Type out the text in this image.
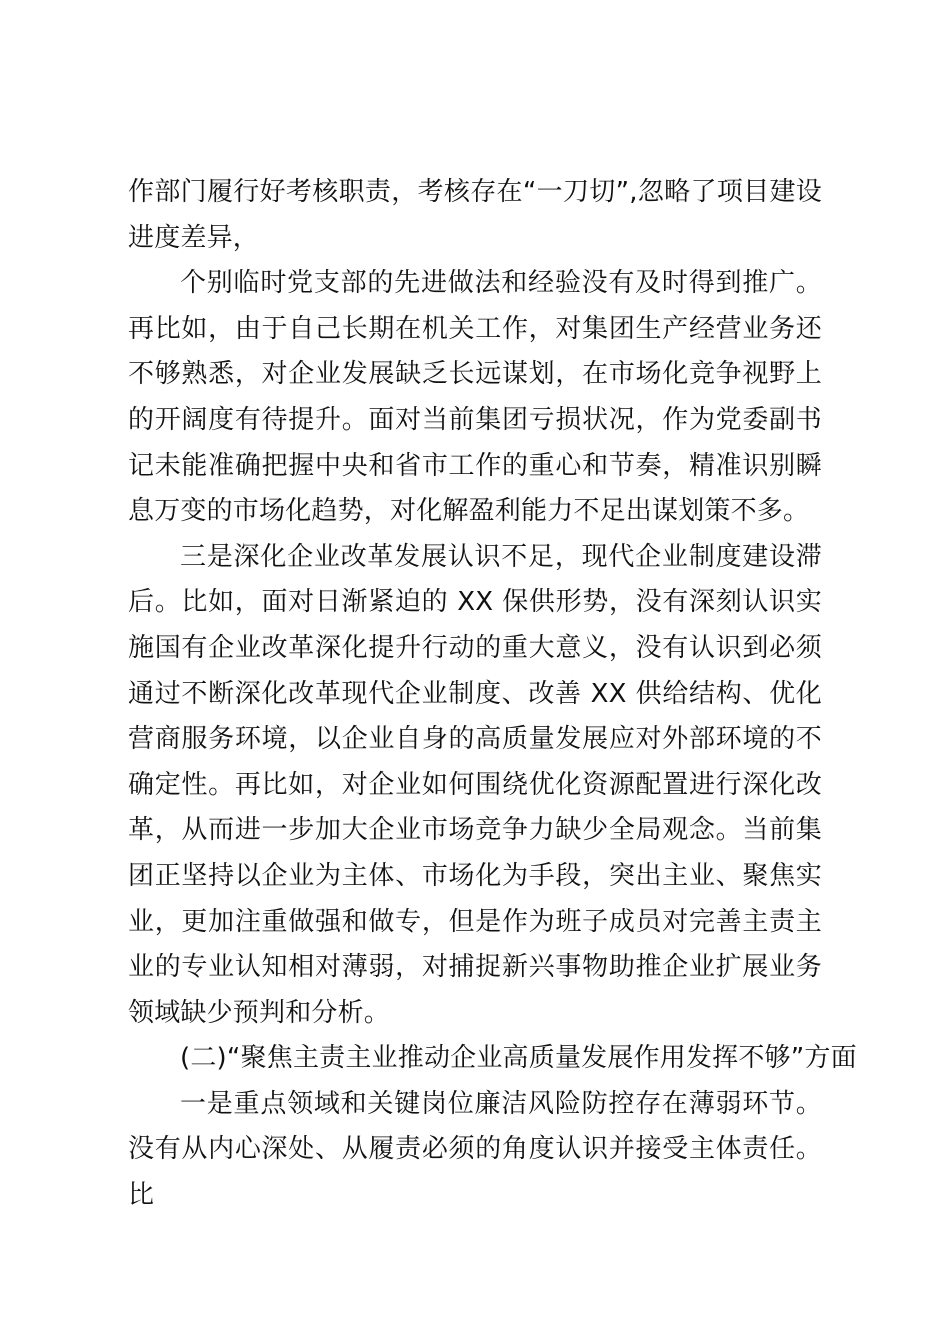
作部门履行好考核职责，考核存在“一刀切”,忽略了项目建设进度差异，

个别临时党支部的先进做法和经验没有及时得到推广。再比如，由于自己长期在机关工作，对集团生产经营业务还不够熟悉，对企业发展缺乏长远谋划，在市场化竞争视野上的开阔度有待提升。面对当前集团亏损状况，作为党委副书记未能准确把握中央和省市工作的重心和节奏，精准识别瞬息万变的市场化趋势，对化解盈利能力不足出谋划策不多。

三是深化企业改革发展认识不足，现代企业制度建设滞后。比如，面对日渐紧迫的 XX 保供形势，没有深刻认识实施国有企业改革深化提升行动的重大意义，没有认识到必须通过不断深化改革现代企业制度、改善 XX 供给结构、优化营商服务环境，以企业自身的高质量发展应对外部环境的不确定性。再比如，对企业如何围绕优化资源配置进行深化改革，从而进一步加大企业市场竞争力缺少全局观念。当前集团正坚持以企业为主体、市场化为手段，突出主业、聚焦实业，更加注重做强和做专，但是作为班子成员对完善主责主业的专业认知相对薄弱，对捕捉新兴事物助推企业扩展业务领域缺少预判和分析。

(二)“聚焦主责主业推动企业高质量发展作用发挥不够”方面

一是重点领域和关键岗位廉洁风险防控存在薄弱环节。没有从内心深处、从履责必须的角度认识并接受主体责任。比
